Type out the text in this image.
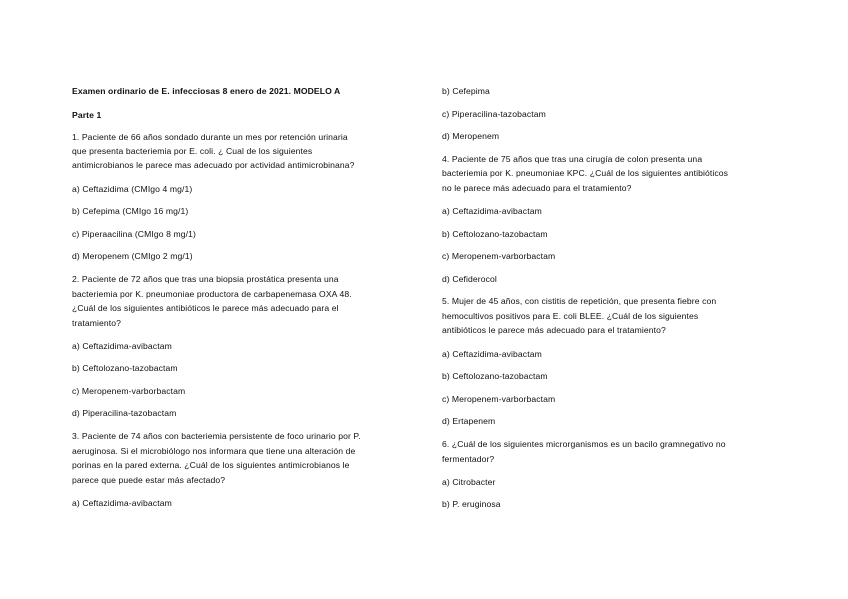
Examen ordinario de E. infecciosas 8 enero de 2021. MODELO A
Parte 1
1. Paciente de 66 años sondado durante un mes por retención urinaria
que presenta bacteriemia por E. coli. ¿ Cual de los siguientes
antimicrobianos le parece mas adecuado por actividad antimicrobinana?
a) Ceftazidima (CMIgo 4 mg/1)
b) Cefepima (CMIgo 16 mg/1)
c) Piperaacilina (CMIgo 8 mg/1)
d) Meropenem (CMIgo 2 mg/1)
2. Paciente de 72 años que tras una biopsia prostática presenta una
bacteriemia por K. pneumoniae productora de carbapenemasa OXA 48.
¿Cuál de los siguientes antibióticos le parece más adecuado para el
tratamiento?
a) Ceftazidima-avibactam
b) Ceftolozano-tazobactam
c) Meropenem-varborbactam
d) Piperacilina-tazobactam
3. Paciente de 74 años con bacteriemia persistente de foco urinario por P.
aeruginosa. Si el microbiólogo nos informara que tiene una alteración de
porinas en la pared externa. ¿Cuál de los siguientes antimicrobianos le
parece que puede estar más afectado?
a) Ceftazidima-avibactam
b) Cefepima
c) Piperacilina-tazobactam
d) Meropenem
4. Paciente de 75 años que tras una cirugía de colon presenta una
bacteriemia por K. pneumoniae KPC. ¿Cuál de los siguientes antibióticos
no le parece más adecuado para el tratamiento?
a) Ceftazidima-avibactam
b) Ceftolozano-tazobactam
c) Meropenem-varborbactam
d) Cefiderocol
5. Mujer de 45 años, con cistitis de repetición, que presenta fiebre con
hemocultivos positivos para E. coli BLEE. ¿Cuál de los siguientes
antibióticos le parece más adecuado para el tratamiento?
a) Ceftazidima-avibactam
b) Ceftolozano-tazobactam
c) Meropenem-varborbactam
d) Ertapenem
6. ¿Cuál de los siguientes microrganismos es un bacilo gramnegativo no
fermentador?
a) Citrobacter
b) P. eruginosa
